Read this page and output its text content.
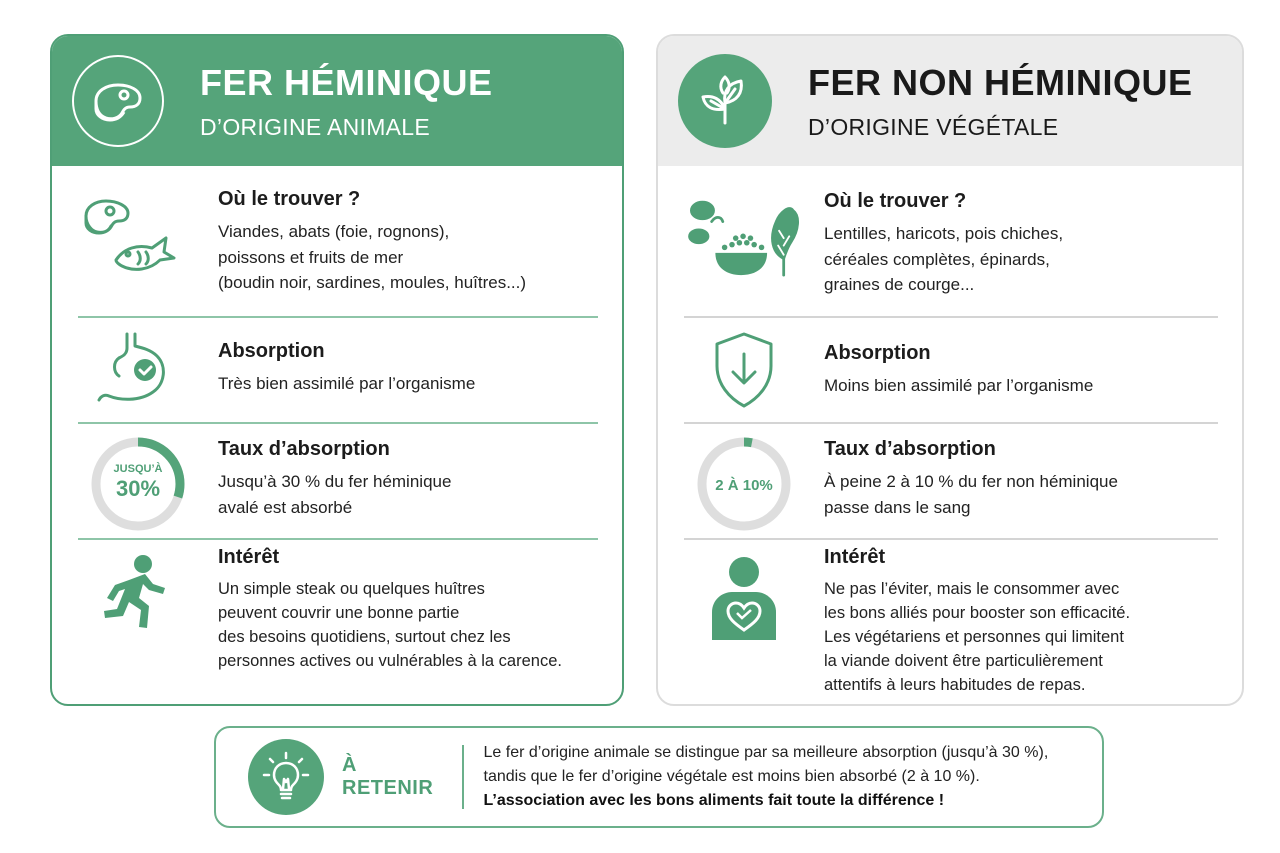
FER HÉMINIQUE
D’ORIGINE ANIMALE
Où le trouver ?
Viandes, abats (foie, rognons),
poissons et fruits de mer
(boudin noir, sardines, moules, huîtres...)
Absorption
Très bien assimilé par l’organisme
JUSQU’À
30%
Taux d’absorption
Jusqu’à 30 % du fer héminique
avalé est absorbé
Intérêt
Un simple steak ou quelques huîtres
peuvent couvrir une bonne partie
des besoins quotidiens, surtout chez les
personnes actives ou vulnérables à la carence.
FER NON HÉMINIQUE
D’ORIGINE VÉGÉTALE
Où le trouver ?
Lentilles, haricots, pois chiches,
céréales complètes, épinards,
graines de courge...
Absorption
Moins bien assimilé par l’organisme
2 À 10%
Taux d’absorption
À peine 2 à 10 % du fer non héminique
passe dans le sang
Intérêt
Ne pas l’éviter, mais le consommer avec
les bons alliés pour booster son efficacité.
Les végétariens et personnes qui limitent
la viande doivent être particulièrement
attentifs à leurs habitudes de repas.
À RETENIR
Le fer d’origine animale se distingue par sa meilleure absorption (jusqu’à 30 %),
tandis que le fer d’origine végétale est moins bien absorbé (2 à 10 %).
L’association avec les bons aliments fait toute la différence !
